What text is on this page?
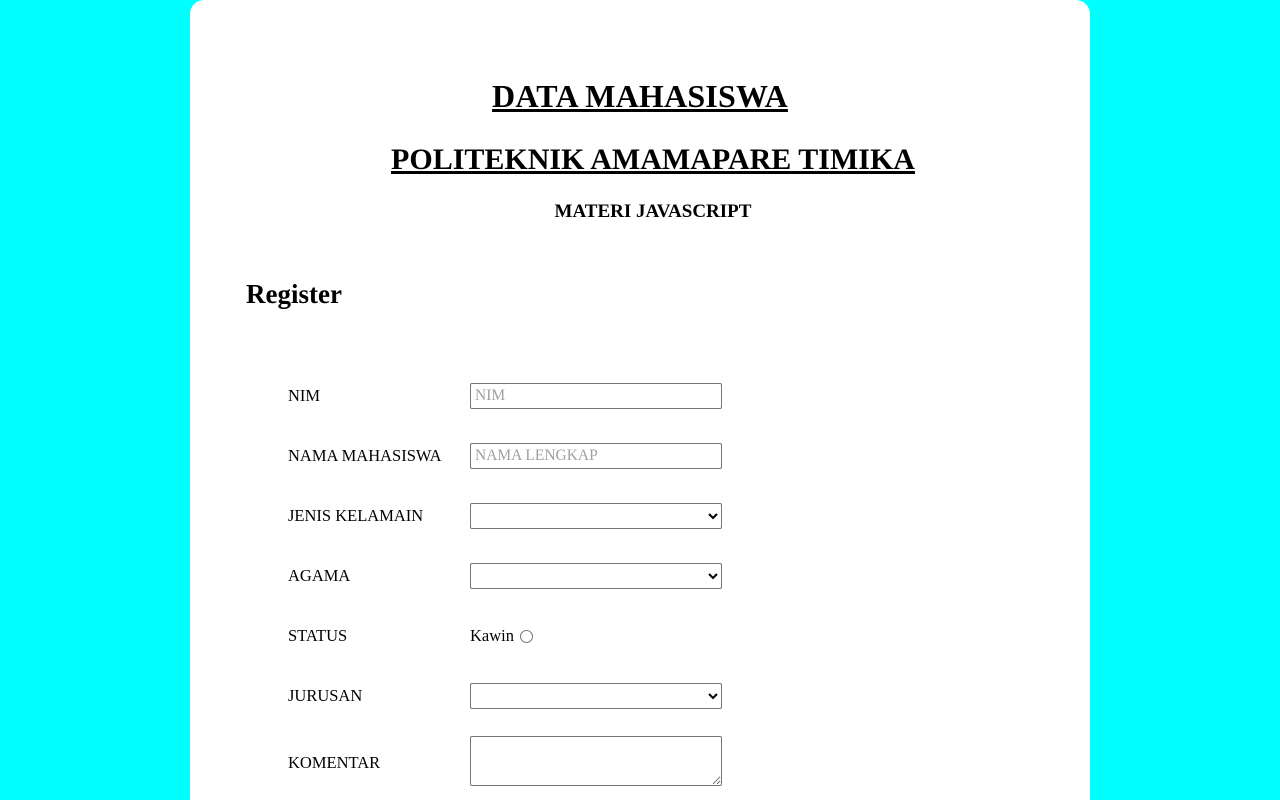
DATA MAHASISWA
POLITEKNIK AMAMAPARE TIMIKA
MATERI JAVASCRIPT
Register
NIM
NIM
NAMA MAHASISWA
NAMA LENGKAP
JENIS KELAMAIN
AGAMA
STATUS	Kawin
JURUSAN
KOMENTAR
